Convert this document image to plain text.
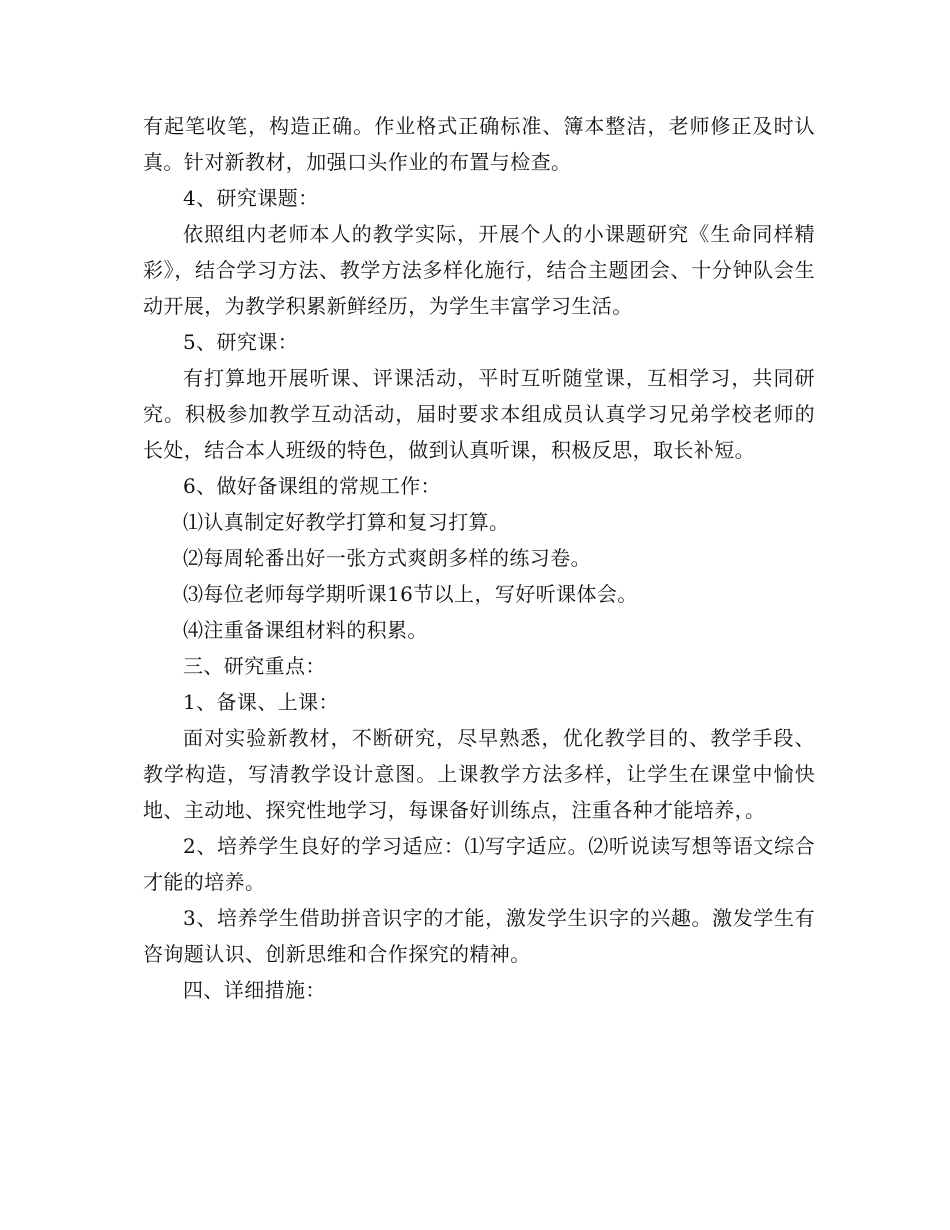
有起笔收笔，构造正确。作业格式正确标准、簿本整洁，老师修正及时认真。针对新教材，加强口头作业的布置与检查。

4、研究课题：

依照组内老师本人的教学实际，开展个人的小课题研究《生命同样精彩》，结合学习方法、教学方法多样化施行，结合主题团会、十分钟队会生动开展，为教学积累新鲜经历，为学生丰富学习生活。

5、研究课：

有打算地开展听课、评课活动，平时互听随堂课，互相学习，共同研究。积极参加教学互动活动，届时要求本组成员认真学习兄弟学校老师的长处，结合本人班级的特色，做到认真听课，积极反思，取长补短。

6、做好备课组的常规工作：

⑴认真制定好教学打算和复习打算。

⑵每周轮番出好一张方式爽朗多样的练习卷。

⑶每位老师每学期听课16节以上，写好听课体会。

⑷注重备课组材料的积累。

三、研究重点：

1、备课、上课：

面对实验新教材，不断研究，尽早熟悉，优化教学目的、教学手段、教学构造，写清教学设计意图。上课教学方法多样，让学生在课堂中愉快地、主动地、探究性地学习，每课备好训练点，注重各种才能培养，。

2、培养学生良好的学习适应：⑴写字适应。⑵听说读写想等语文综合才能的培养。

3、培养学生借助拼音识字的才能，激发学生识字的兴趣。激发学生有咨询题认识、创新思维和合作探究的精神。

四、详细措施：
